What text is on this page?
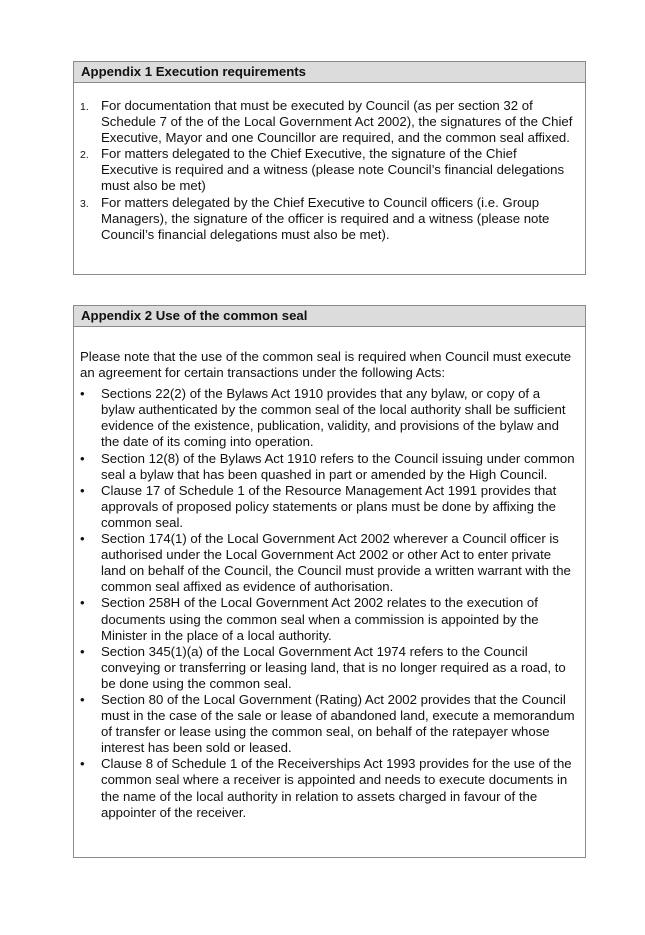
Appendix 1 Execution requirements
1. For documentation that must be executed by Council (as per section 32 of Schedule 7 of the of the Local Government Act 2002), the signatures of the Chief Executive, Mayor and one Councillor are required, and the common seal affixed.
2. For matters delegated to the Chief Executive, the signature of the Chief Executive is required and a witness (please note Council’s financial delegations must also be met)
3. For matters delegated by the Chief Executive to Council officers (i.e. Group Managers), the signature of the officer is required and a witness (please note Council’s financial delegations must also be met).
Appendix 2 Use of the common seal

Please note that the use of the common seal is required when Council must execute an agreement for certain transactions under the following Acts:

• Sections 22(2) of the Bylaws Act 1910 provides that any bylaw, or copy of a bylaw authenticated by the common seal of the local authority shall be sufficient evidence of the existence, publication, validity, and provisions of the bylaw and the date of its coming into operation.
• Section 12(8) of the Bylaws Act 1910 refers to the Council issuing under common seal a bylaw that has been quashed in part or amended by the High Council.
• Clause 17 of Schedule 1 of the Resource Management Act 1991 provides that approvals of proposed policy statements or plans must be done by affixing the common seal.
• Section 174(1) of the Local Government Act 2002 wherever a Council officer is authorised under the Local Government Act 2002 or other Act to enter private land on behalf of the Council, the Council must provide a written warrant with the common seal affixed as evidence of authorisation.
• Section 258H of the Local Government Act 2002 relates to the execution of documents using the common seal when a commission is appointed by the Minister in the place of a local authority.
• Section 345(1)(a) of the Local Government Act 1974 refers to the Council conveying or transferring or leasing land, that is no longer required as a road, to be done using the common seal.
• Section 80 of the Local Government (Rating) Act 2002 provides that the Council must in the case of the sale or lease of abandoned land, execute a memorandum of transfer or lease using the common seal, on behalf of the ratepayer whose interest has been sold or leased.
• Clause 8 of Schedule 1 of the Receiverships Act 1993 provides for the use of the common seal where a receiver is appointed and needs to execute documents in the name of the local authority in relation to assets charged in favour of the appointer of the receiver.
